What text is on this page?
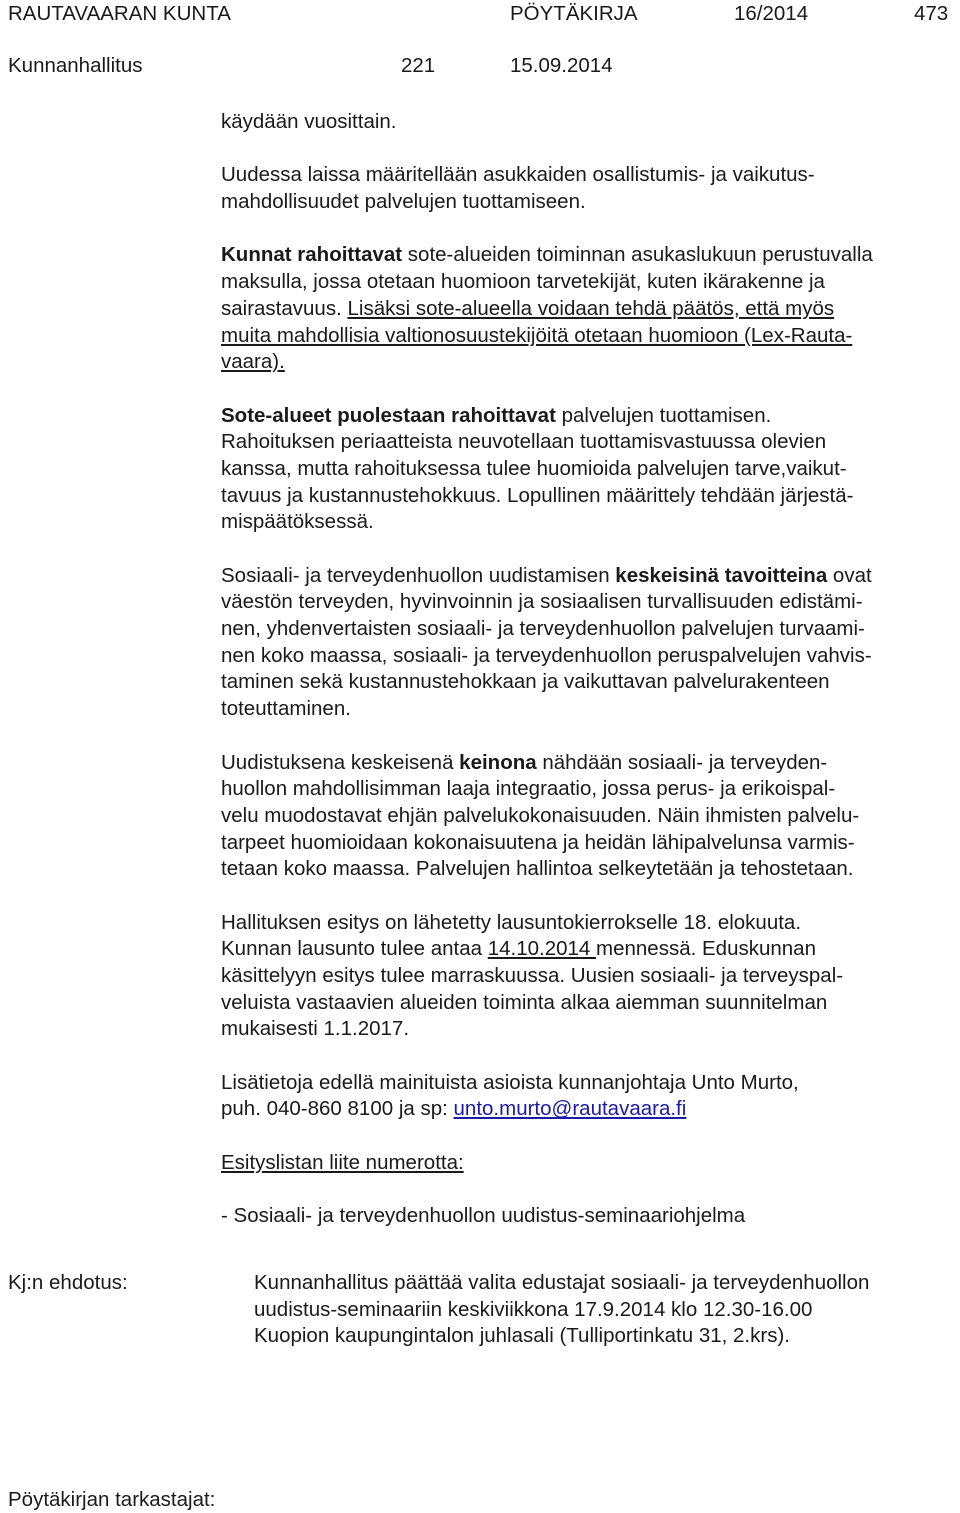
RAUTAVAARAN KUNTA	PÖYTÄKIRJA	16/2014	473
Kunnanhallitus	221	15.09.2014
käydään vuosittain.
Uudessa laissa määritellään asukkaiden osallistumis- ja vaikutus-
mahdollisuudet palvelujen tuottamiseen.
Kunnat rahoittavat sote-alueiden toiminnan asukaslukuun perustuvalla
maksulla, jossa otetaan huomioon tarvetekijät, kuten ikärakenne ja
sairastavuus. Lisäksi sote-alueella voidaan tehdä päätös, että myös
muita mahdollisia valtionosuustekijöitä otetaan huomioon (Lex-Rauta-
vaara).
Sote-alueet puolestaan rahoittavat palvelujen tuottamisen.
Rahoituksen periaatteista neuvotellaan tuottamisvastuussa olevien
kanssa, mutta rahoituksessa tulee huomioida palvelujen tarve,vaikut-
tavuus ja kustannustehokkuus. Lopullinen määrittely tehdään järjestä-
mispäätöksessä.
Sosiaali- ja terveydenhuollon uudistamisen keskeisinä tavoitteina ovat
väestön terveyden, hyvinvoinnin ja sosiaalisen turvallisuuden edistämi-
nen, yhdenvertaisten sosiaali- ja terveydenhuollon palvelujen turvaami-
nen koko maassa, sosiaali- ja terveydenhuollon peruspalvelujen vahvis-
taminen sekä kustannustehokkaan ja vaikuttavan palvelurakenteen
toteuttaminen.
Uudistuksena keskeisenä keinona nähdään sosiaali- ja terveyden-
huollon mahdollisimman laaja integraatio, jossa perus- ja erikoispal-
velu muodostavat ehjän palvelukokonaisuuden. Näin ihmisten palvelu-
tarpeet huomioidaan kokonaisuutena ja heidän lähipalvelunsa varmis-
tetaan koko maassa. Palvelujen hallintoa selkeytetään ja tehostetaan.
Hallituksen esitys on lähetetty lausuntokierrokselle 18. elokuuta.
Kunnan lausunto tulee antaa 14.10.2014 mennessä. Eduskunnan
käsittelyyn esitys tulee marraskuussa. Uusien sosiaali- ja terveyspal-
veluista vastaavien alueiden toiminta alkaa aiemman suunnitelman
mukaisesti 1.1.2017.
Lisätietoja edellä mainituista asioista kunnanjohtaja Unto Murto,
puh. 040-860 8100 ja sp: unto.murto@rautavaara.fi
Esityslistan liite numerotta:
- Sosiaali- ja terveydenhuollon uudistus-seminaariohjelma
Kj:n ehdotus:	Kunnanhallitus päättää valita edustajat sosiaali- ja terveydenhuollon
uudistus-seminaariin keskiviikkona 17.9.2014 klo 12.30-16.00
Kuopion kaupungintalon juhlasali (Tulliportinkatu 31, 2.krs).
Pöytäkirjan tarkastajat:
